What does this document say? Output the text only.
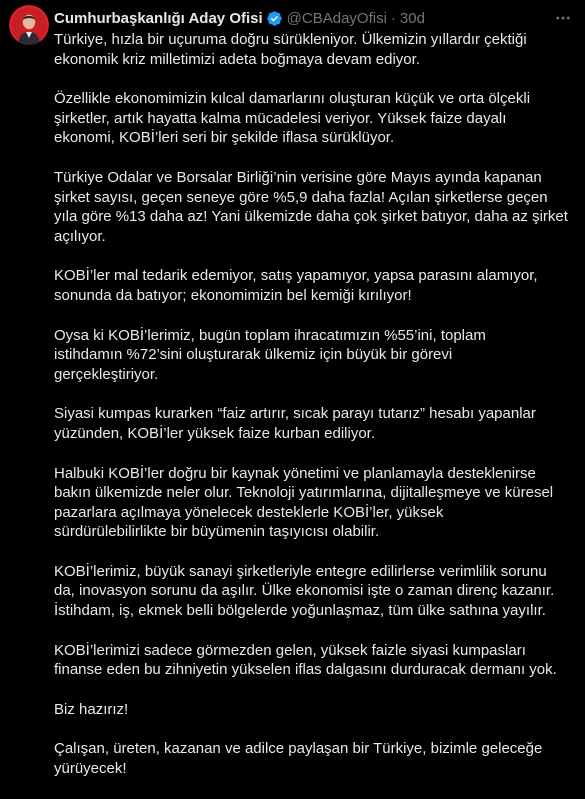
Cumhurbaşkanlığı Aday Ofisi @CBAdayOfisi · 30d

Türkiye, hızla bir uçuruma doğru sürükleniyor. Ülkemizin yıllardır çektiği
ekonomik kriz milletimizi adeta boğmaya devam ediyor.

Özellikle ekonomimizin kılcal damarlarını oluşturan küçük ve orta ölçekli
şirketler, artık hayatta kalma mücadelesi veriyor. Yüksek faize dayalı
ekonomi, KOBİ’leri seri bir şekilde iflasa sürüklüyor.

Türkiye Odalar ve Borsalar Birliği’nin verisine göre Mayıs ayında kapanan
şirket sayısı, geçen seneye göre %5,9 daha fazla! Açılan şirketlerse geçen
yıla göre %13 daha az! Yani ülkemizde daha çok şirket batıyor, daha az şirket
açılıyor.

KOBİ’ler mal tedarik edemiyor, satış yapamıyor, yapsa parasını alamıyor,
sonunda da batıyor; ekonomimizin bel kemiği kırılıyor!

Oysa ki KOBİ’lerimiz, bugün toplam ihracatımızın %55’ini, toplam
istihdamın %72’sini oluşturarak ülkemiz için büyük bir görevi
gerçekleştiriyor.

Siyasi kumpas kurarken “faiz artırır, sıcak parayı tutarız” hesabı yapanlar
yüzünden, KOBİ’ler yüksek faize kurban ediliyor.

Halbuki KOBİ’ler doğru bir kaynak yönetimi ve planlamayla desteklenirse
bakın ülkemizde neler olur. Teknoloji yatırımlarına, dijitalleşmeye ve küresel
pazarlara açılmaya yönelecek desteklerle KOBİ’ler, yüksek
sürdürülebilirlikte bir büyümenin taşıyıcısı olabilir.

KOBİ’lerimiz, büyük sanayi şirketleriyle entegre edilirlerse verimlilik sorunu
da, inovasyon sorunu da aşılır. Ülke ekonomisi işte o zaman direnç kazanır.
İstihdam, iş, ekmek belli bölgelerde yoğunlaşmaz, tüm ülke sathına yayılır.

KOBİ’lerimizi sadece görmezden gelen, yüksek faizle siyasi kumpasları
finanse eden bu zihniyetin yükselen iflas dalgasını durduracak dermanı yok.

Biz hazırız!

Çalışan, üreten, kazanan ve adilce paylaşan bir Türkiye, bizimle geleceğe
yürüyecek!
